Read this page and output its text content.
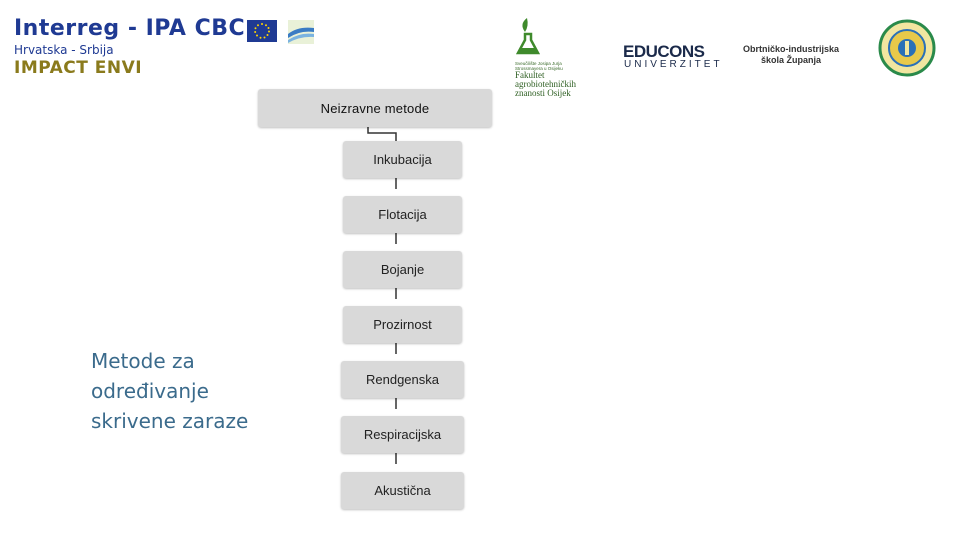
Interreg - IPA CBC
Hrvatska - Srbija
IMPACT ENVI	Sveučilište Josipa Jurja Strossmayera u Osijeku
Fakultet agrobiotehničkih znanosti Osijek
EDUCONS
UNIVERZITET
Obrtničko-industrijska škola Županja
Neizravne metode
Inkubacija
Flotacija
Bojanje
Prozirnost
Rendgenska
Respiracijska
Akustična
Metode za
određivanje
skrivene zaraze
